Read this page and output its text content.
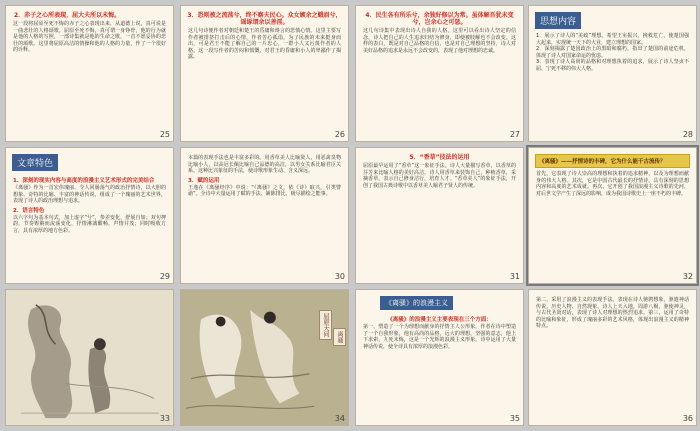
2．赤子之心所表现，屈大夫所以未悔。
这一段将屈原至死不悔的赤子之心表现出来，从道德上说，真可说是一曲悲壮的人格颂歌。屈原至死不悔，真可谓一身铮骨，他的行为就是他的人格的写照，一部诗集就是他的生命之歌，一首不愿妥协的悲壮的颂歌。这里将屈原高洁的情操和他的人格的力量，作了一个很好的诠释。
25
3．恐则被之流荡兮，终不察夫民心。众女嫉余之蛾眉兮，谣诼谓余以善淫。
这几句诗便作者对朝廷和楚王的昏庸和谗言的悲愤心情。这里主要写作者被排挤打击后的心情，作者苦心孤诣，为了民族的未来挺身而出，可是君王不能了解自己的一片忠心，一群小人又污蔑作者的人格。这一段写作者的苦闷和愤慨，对君王的昏庸和小人的卑鄙作了揭露。
26
4．民生各有所乐兮，余独好修以为常。虽体解吾犹未变兮，岂余心之可惩。
这几句诗集中表现出诗人自我的人格。这里可以看出诗人坚定的信念，诗人把自己的人生追求归结为修身，即使被肢解也不会改变。这样的表白，既是对自己品格的自信，也是对自己理想的坚持，诗人对美好品格的追求是永远不会改变的，表现了他对理想的忠诚。
27
思想内容
1．展示了诗人的“美政”理想。希望王室振兴，挽救危亡，使楚国强大起来，实现统一天下的大业，建立理想的国家。
2．深刻揭露了楚国政治上的黑暗和腐朽，指出了楚国的前途危机，体现了诗人对国家命运的忧虑。
3．表现了诗人高尚的品格和对理想执着的追求，展示了诗人坚贞不屈、宁死不移的伟大人格。
28
文章特色
1．深刻的现实内容与高度的浪漫主义艺术形式的完美结合
《离骚》作为一首宏伟瑰丽、令人回肠荡气的政治抒情诗，以大胆的想象、奇特的比喻、丰富的神话传说，组成了一个瑰丽的艺术世界，表现了诗人的政治理想与追求。
2．语言特色
以六字句为基本句式，加上虚字“兮”，参差变化，舒展自如；双句押韵，节奏铿锵而流荡变化，抒情淋漓酣畅，声情并茂；同时吸收方言，具有浓厚的地方色彩。
29
本篇的表现手法也是丰富多彩的。用香草美人比喻贤人，用恶禽臭物比喻小人，以高冠长佩比喻自己品德的高洁，以男女关系比喻君臣关系。这种比兴象征的手法，使诗歌形象生动、含义深远。
3．赋的运用
王逸在《离骚经序》中说：“《离骚》之文，依《诗》取兴，引类譬谕”。全诗中大量运用了赋的手法，铺陈排比，极尽描绘之能事。
30
5．“香草”技法的运用
屈原最早运用了“香草”这一象征手法。诗人大量描写香草，以香草的芬芳来比喻人格的美好高洁。诗人用香草来装饰自己，种植香草，采摘香草，表示自己修身洁行，培育人才。“香草美人”的象征手法，开创了我国古典诗歌中以香草美人喻君子贤人的传统。
31
《离骚》——抒情诗的丰碑，它为什么能千古流传？
首先，它表现了诗人崇高的理想和执着的追求精神，以及为理想而献身的伟大人格。其次，它是中国古代最长的抒情诗，具有深刻的思想内容和高度的艺术成就。再次，它开创了我国浪漫主义诗歌的先河，对后世文学产生了深远的影响，成为我国诗歌史上一座不朽的丰碑。
32
33
屈原天问	离骚
34
《离骚》的浪漫主义
《离骚》的浪漫主义主要表现在三个方面：
第一，塑造了一个为理想而献身的抒情主人公形象。作者在诗中塑造了一个自我形象，他有高尚的品格，远大的理想，坚强的意志，他上下求索，九死未悔，这是一个光辉的浪漫主义形象。诗中运用了大量神话传说，使全诗具有浓厚的浪漫色彩。
35
第二，采用了浪漫主义的表现手法。表现在诗人驰骋想象，驱遣神话传说，历史人物、自然现象。诗人上天入地，周游八极，驱使神灵，与古代圣贤对话，表现了诗人对理想的热烈追求。第三，运用了奇特的比喻和象征，形成了瑰丽多彩的艺术风格，体现出浪漫主义的精神特点。
36
